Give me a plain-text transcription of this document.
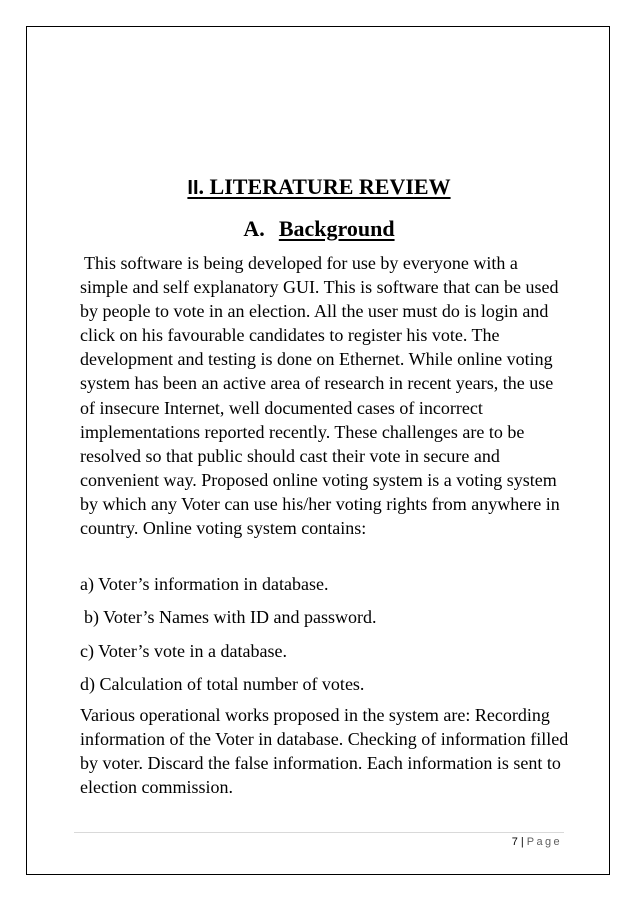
II. LITERATURE REVIEW
A. Background

This software is being developed for use by everyone with a simple and self explanatory GUI. This is software that can be used by people to vote in an election. All the user must do is login and click on his favourable candidates to register his vote. The development and testing is done on Ethernet. While online voting system has been an active area of research in recent years, the use of insecure Internet, well documented cases of incorrect implementations reported recently. These challenges are to be resolved so that public should cast their vote in secure and convenient way. Proposed online voting system is a voting system by which any Voter can use his/her voting rights from anywhere in country. Online voting system contains:

a) Voter’s information in database.

b) Voter’s Names with ID and password.

c) Voter’s vote in a database.

d) Calculation of total number of votes.

Various operational works proposed in the system are: Recording information of the Voter in database. Checking of information filled by voter. Discard the false information. Each information is sent to election commission.

7 | Page
